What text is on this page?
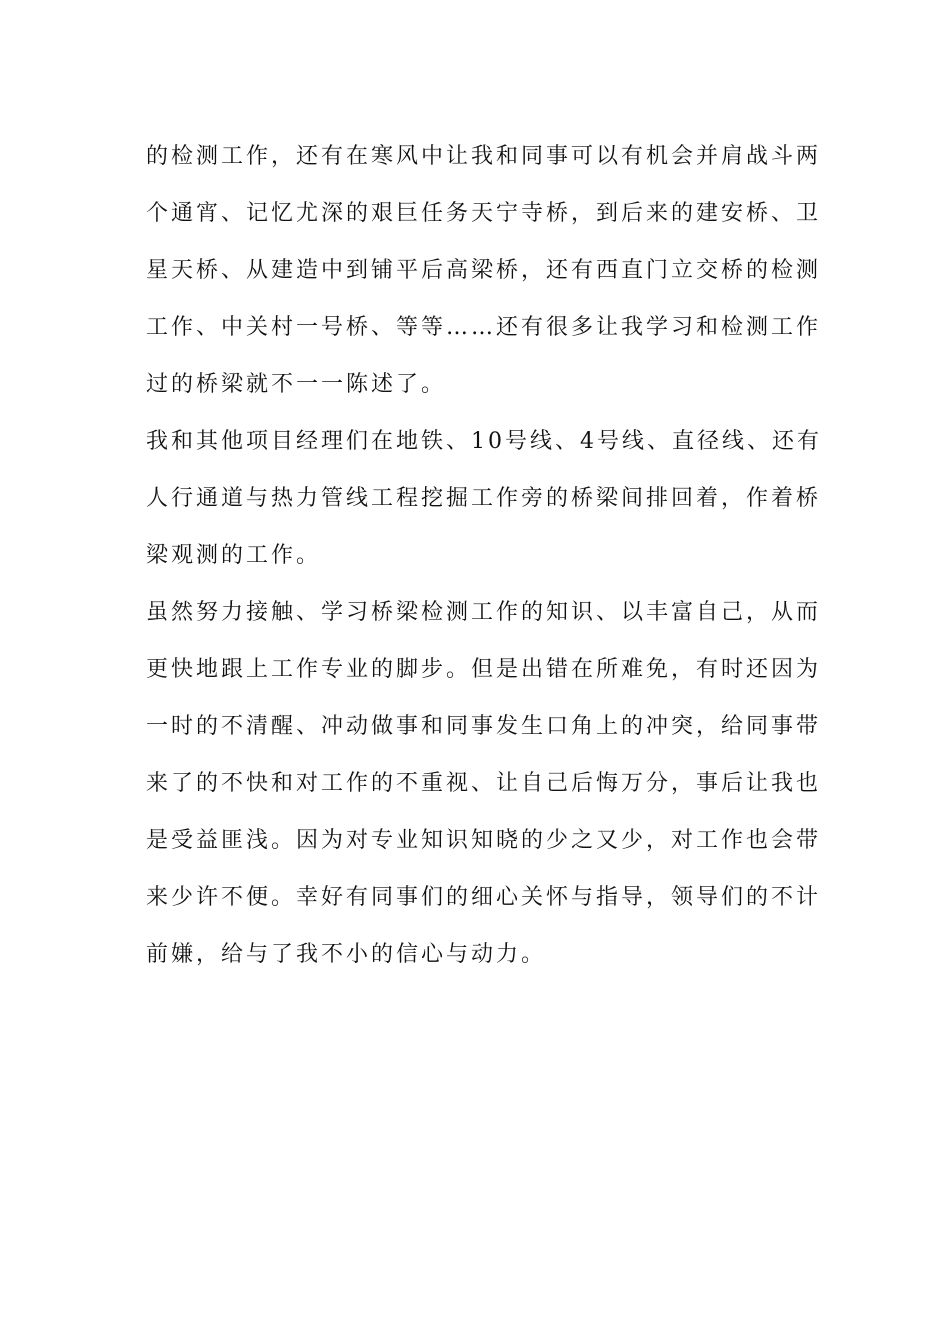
的检测工作，还有在寒风中让我和同事可以有机会并肩战斗两
个通宵、记忆尤深的艰巨任务天宁寺桥，到后来的建安桥、卫
星天桥、从建造中到铺平后高梁桥，还有西直门立交桥的检测
工作、中关村一号桥、等等……还有很多让我学习和检测工作
过的桥梁就不一一陈述了。
我和其他项目经理们在地铁、10号线、4号线、直径线、还有
人行通道与热力管线工程挖掘工作旁的桥梁间排回着，作着桥
梁观测的工作。
虽然努力接触、学习桥梁检测工作的知识、以丰富自己，从而
更快地跟上工作专业的脚步。但是出错在所难免，有时还因为
一时的不清醒、冲动做事和同事发生口角上的冲突，给同事带
来了的不快和对工作的不重视、让自己后悔万分，事后让我也
是受益匪浅。因为对专业知识知晓的少之又少，对工作也会带
来少许不便。幸好有同事们的细心关怀与指导，领导们的不计
前嫌，给与了我不小的信心与动力。
